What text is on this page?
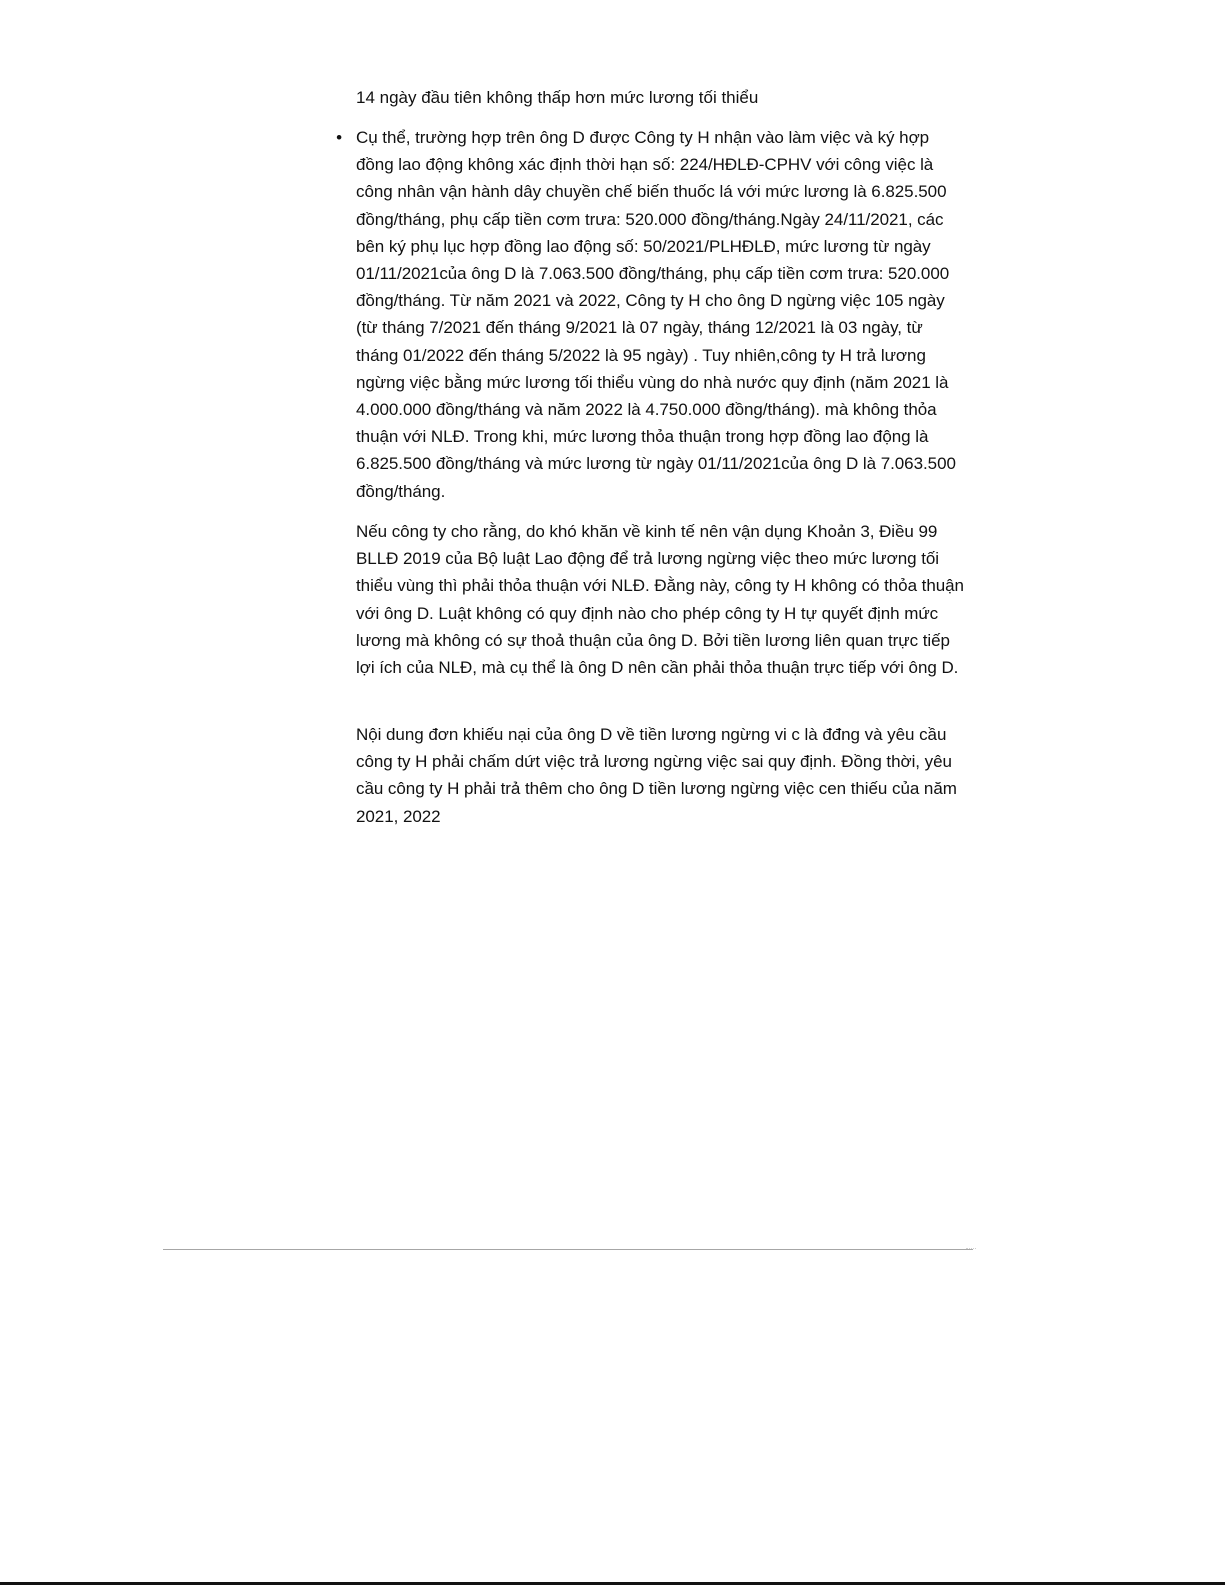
14 ngày đầu tiên không thấp hơn mức lương tối thiểu
• Cụ thể, trường hợp trên ông D được Công ty H nhận vào làm việc và ký hợp đồng lao động không xác định thời hạn số: 224/HĐLĐ-CPHV với công việc là công nhân vận hành dây chuyền chế biến thuốc lá với mức lương là 6.825.500 đồng/tháng, phụ cấp tiền cơm trưa: 520.000 đồng/tháng.Ngày 24/11/2021, các bên ký phụ lục hợp đồng lao động số: 50/2021/PLHĐLĐ, mức lương từ ngày 01/11/2021của ông D là 7.063.500 đồng/tháng, phụ cấp tiền cơm trưa: 520.000 đồng/tháng. Từ năm 2021 và 2022, Công ty H cho ông D ngừng việc 105 ngày (từ tháng 7/2021 đến tháng 9/2021 là 07 ngày, tháng 12/2021 là 03 ngày, từ tháng 01/2022 đến tháng 5/2022 là 95 ngày) . Tuy nhiên,công ty H trả lương ngừng việc bằng mức lương tối thiểu vùng do nhà nước quy định (năm 2021 là 4.000.000 đồng/tháng và năm 2022 là 4.750.000 đồng/tháng). mà không thỏa thuận với NLĐ. Trong khi, mức lương thỏa thuận trong hợp đồng lao động là 6.825.500 đồng/tháng và mức lương từ ngày 01/11/2021của ông D là 7.063.500 đồng/tháng.
Nếu công ty cho rằng, do khó khăn về kinh tế nên vận dụng Khoản 3, Điều 99 BLLĐ 2019 của Bộ luật Lao động để trả lương ngừng việc theo mức lương tối thiểu vùng thì phải thỏa thuận với NLĐ. Đằng này, công ty H không có thỏa thuận với ông D. Luật không có quy định nào cho phép công ty H tự quyết định mức lương mà không có sự thoả thuận của ông D. Bởi tiền lương liên quan trực tiếp lợi ích của NLĐ, mà cụ thể là ông D nên cần phải thỏa thuận trực tiếp với ông D.
Nội dung đơn khiếu nại của ông D về tiền lương ngừng vi c là đđng và yêu cầu công ty H phải chấm dứt việc trả lương ngừng việc sai quy định. Đồng thời, yêu cầu công ty H phải trả thêm cho ông D tiền lương ngừng việc cen thiếu của năm 2021, 2022
